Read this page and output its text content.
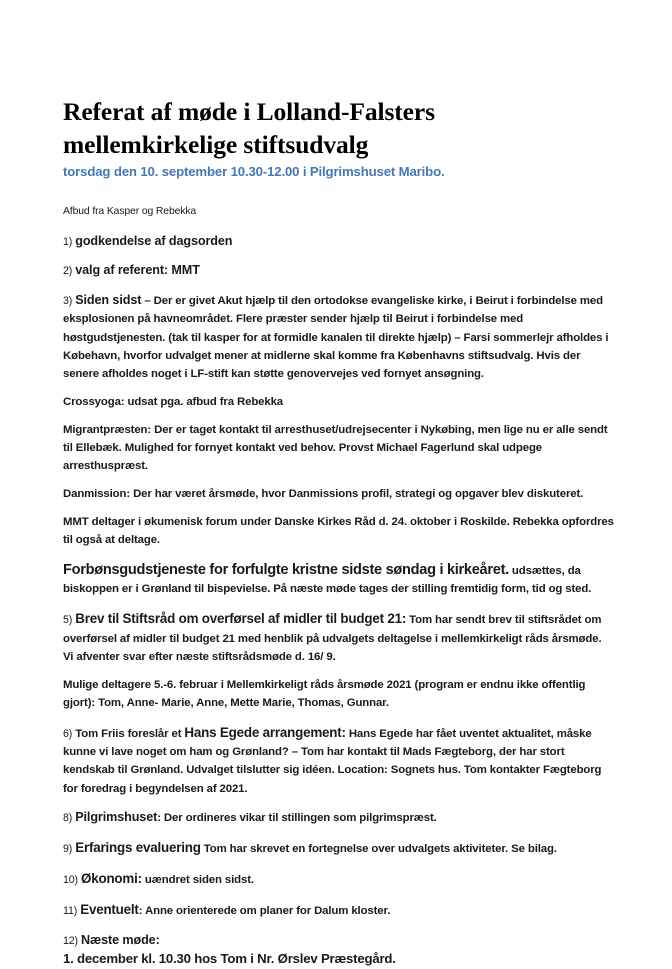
Referat af møde i Lolland-Falsters mellemkirkelige stiftsudvalg
torsdag den 10. september 10.30-12.00 i Pilgrimshuset Maribo.

Afbud fra Kasper og Rebekka

1) godkendelse af dagsorden

2) valg af referent: MMT

3) Siden sidst – Der er givet Akut hjælp til den ortodokse evangeliske kirke, i Beirut i forbindelse med eksplosionen på havneområdet. Flere præster sender hjælp til Beirut i forbindelse med høstgudstjenesten. (tak til kasper for at formidle kanalen til direkte hjælp) – Farsi sommerlejr afholdes i Købehavn, hvorfor udvalget mener at midlerne skal komme fra Københavns stiftsudvalg. Hvis der senere afholdes noget i LF-stift kan støtte genovervejes ved fornyet ansøgning.

Crossyoga: udsat pga. afbud fra Rebekka

Migrantpræsten: Der er taget kontakt til arresthuset/udrejsecenter i Nykøbing, men lige nu er alle sendt til Ellebæk. Mulighed for fornyet kontakt ved behov. Provst Michael Fagerlund skal udpege arresthuspræst.

Danmission: Der har været årsmøde, hvor Danmissions profil, strategi og opgaver blev diskuteret.

MMT deltager i økumenisk forum under Danske Kirkes Råd d. 24. oktober i Roskilde. Rebekka opfordres til også at deltage.

Forbønsgudstjeneste for forfulgte kristne sidste søndag i kirkeåret. udsættes, da biskoppen er i Grønland til bispevielse. På næste møde tages der stilling fremtidig form, tid og sted.

5) Brev til Stiftsråd om overførsel af midler til budget 21: Tom har sendt brev til stiftsrådet om overførsel af midler til budget 21 med henblik på udvalgets deltagelse i mellemkirkeligt råds årsmøde. Vi afventer svar efter næste stiftsrådsmøde d. 16/ 9.

Mulige deltagere 5.-6. februar i Mellemkirkeligt råds årsmøde 2021 (program er endnu ikke offentlig gjort): Tom, Anne- Marie, Anne, Mette Marie, Thomas, Gunnar.

6) Tom Friis foreslår et Hans Egede arrangement: Hans Egede har fået uventet aktualitet, måske kunne vi lave noget om ham og Grønland? – Tom har kontakt til Mads Fægteborg, der har stort kendskab til Grønland. Udvalget tilslutter sig idéen. Location: Sognets hus. Tom kontakter Fægteborg for foredrag i begyndelsen af 2021.

8) Pilgrimshuset: Der ordineres vikar til stillingen som pilgrimspræst.

9) Erfarings evaluering Tom har skrevet en fortegnelse over udvalgets aktiviteter. Se bilag.

10) Økonomi: uændret siden sidst.

11) Eventuelt: Anne orienterede om planer for Dalum kloster.

12) Næste møde:
1. december kl. 10.30 hos Tom i Nr. Ørslev Præstegård.
